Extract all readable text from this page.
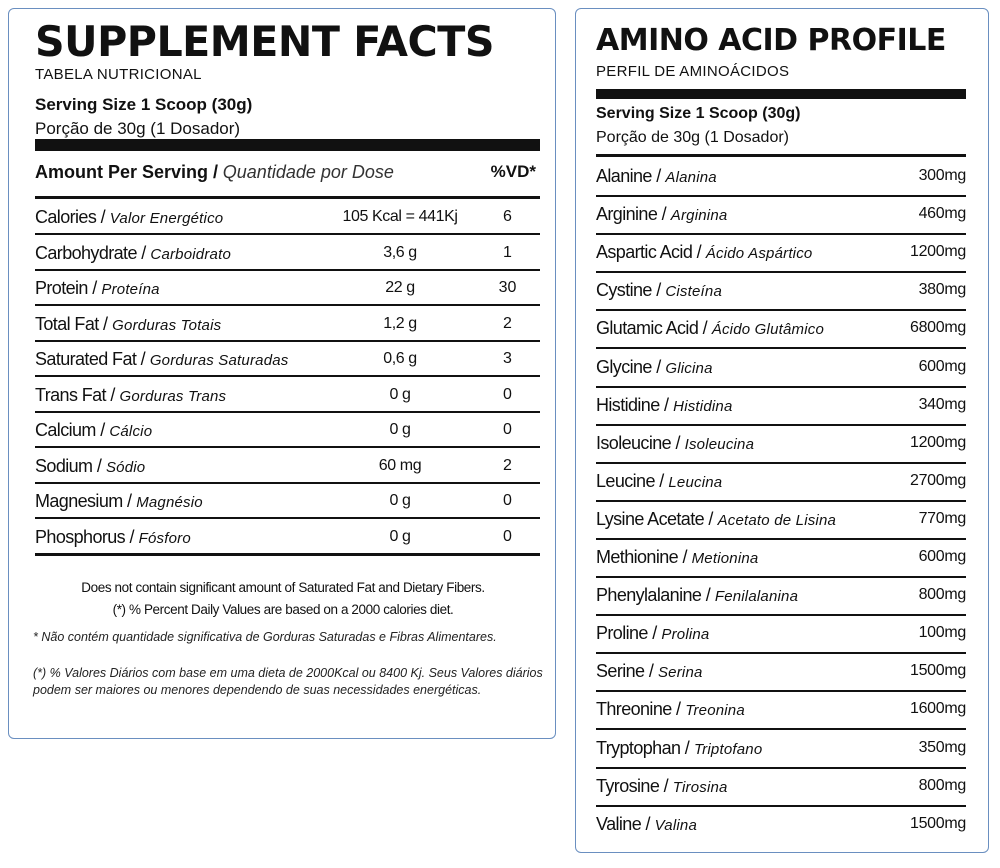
SUPPLEMENT FACTS
TABELA NUTRICIONAL
Serving Size 1 Scoop (30g)
Porção de 30g (1 Dosador)
Amount Per Serving / Quantidade por Dose	%VD*
Calories / Valor Energético	105 Kcal = 441Kj	6
Carbohydrate / Carboidrato	3,6 g	1
Protein / Proteína	22 g	30
Total Fat / Gorduras Totais	1,2 g	2
Saturated Fat / Gorduras Saturadas	0,6 g	3
Trans Fat / Gorduras Trans	0 g	0
Calcium / Cálcio	0 g	0
Sodium / Sódio	60 mg	2
Magnesium / Magnésio	0 g	0
Phosphorus / Fósforo	0 g	0
Does not contain significant amount of Saturated Fat and Dietary Fibers.
(*) % Percent Daily Values are based on a 2000 calories diet.
* Não contém quantidade significativa de Gorduras Saturadas e Fibras Alimentares.
(*) % Valores Diários com base em uma dieta de 2000Kcal ou 8400 Kj. Seus Valores diários podem ser maiores ou menores dependendo de suas necessidades energéticas.
AMINO ACID PROFILE
PERFIL DE AMINOÁCIDOS
Serving Size 1 Scoop (30g)
Porção de 30g (1 Dosador)
Alanine / Alanina	300mg
Arginine / Arginina	460mg
Aspartic Acid / Ácido Aspártico	1200mg
Cystine / Cisteína	380mg
Glutamic Acid / Ácido Glutâmico	6800mg
Glycine / Glicina	600mg
Histidine / Histidina	340mg
Isoleucine / Isoleucina	1200mg
Leucine / Leucina	2700mg
Lysine Acetate / Acetato de Lisina	770mg
Methionine / Metionina	600mg
Phenylalanine / Fenilalanina	800mg
Proline / Prolina	100mg
Serine / Serina	1500mg
Threonine / Treonina	1600mg
Tryptophan / Triptofano	350mg
Tyrosine / Tirosina	800mg
Valine / Valina	1500mg
